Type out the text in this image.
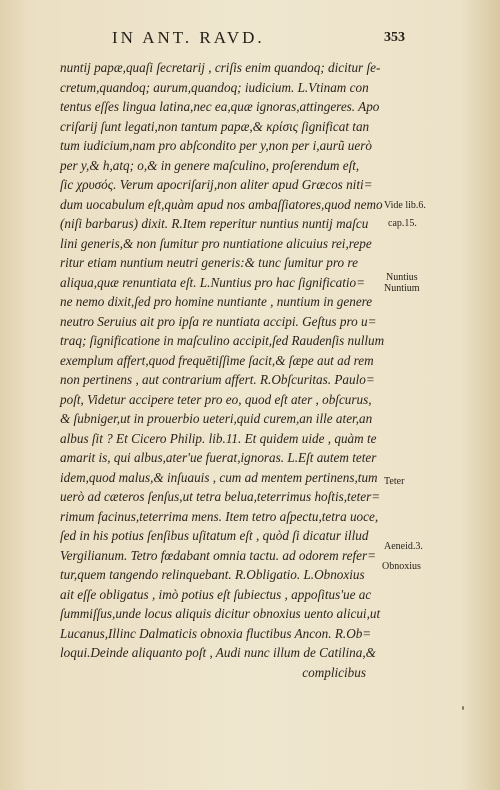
IN ANT. RAVD.	353
nuntij papæ,quaſi ſecretarij , criſis enim quandoq; dicitur ſe-
cretum,quandoq; aurum,quandoq; iudicium. L.Vtinam con
tentus eſſes lingua latina,nec ea,quæ ignoras,attingeres. Apo
criſarij ſunt legati,non tantum papæ,& κρίσις ſignificat tan
tum iudicium,nam pro abſcondito per y,non per i,aurũ uerò
per y,& h,atq; o,& in genere maſculino, proſerendum eſt,
ſic χρυσός. Verum apocriſarij,non aliter apud Græcos niti=
dum uocabulum eſt,quàm apud nos ambaſſiatores,quod nemo
(niſi barbarus) dixit. R.Item reperitur nuntius nuntij maſcu
lini generis,& non ſumitur pro nuntiatione alicuius rei,repe
ritur etiam nuntium neutri generis:& tunc ſumitur pro re
aliqua,quæ renuntiata eſt. L.Nuntius pro hac ſignificatio=
ne nemo dixit,ſed pro homine nuntiante , nuntium in genere
neutro Seruius ait pro ipſa re nuntiata accipi. Geſtus pro u=
traq; ſignificatione in maſculino accipit,ſed Raudenſis nullum
exemplum affert,quod frequētiſſime ſacit,& ſæpe aut ad rem
non pertinens , aut contrarium affert. R.Obſcuritas. Paulo=
poſt, Videtur accipere teter pro eo, quod eſt ater , obſcurus,
& ſubniger,ut in prouerbio ueteri,quid curem,an ille ater,an
albus ſit ? Et Cicero Philip. lib.11. Et quidem uide , quàm te
amarit is, qui albus,ater'ue fuerat,ignoras. L.Eſt autem teter
idem,quod malus,& inſuauis , cum ad mentem pertinens,tum
uerò ad cæteros ſenſus,ut tetra belua,teterrimus hoſtis,teter=
rimum facinus,teterrima mens. Item tetro aſpectu,tetra uoce,
ſed in his potius ſenſibus uſitatum eſt , quòd ſi dicatur illud
Vergilianum. Tetro fœdabant omnia tactu. ad odorem refer=
tur,quem tangendo relinquebant. R.Obligatio. L.Obnoxius
ait eſſe obligatus , imò potius eſt ſubiectus , appoſitus'ue ac
ſummiſſus,unde locus aliquis dicitur obnoxius uento alicui,ut
Lucanus,Illinc Dalmaticis obnoxia fluctibus Ancon. R.Ob=
loqui.Deinde aliquanto poſt , Audi nunc illum de Catilina,&
complicibus
Vide lib.6.
cap.15.
Nuntius
Nuntium
Teter
Aeneid.3.
Obnoxius
